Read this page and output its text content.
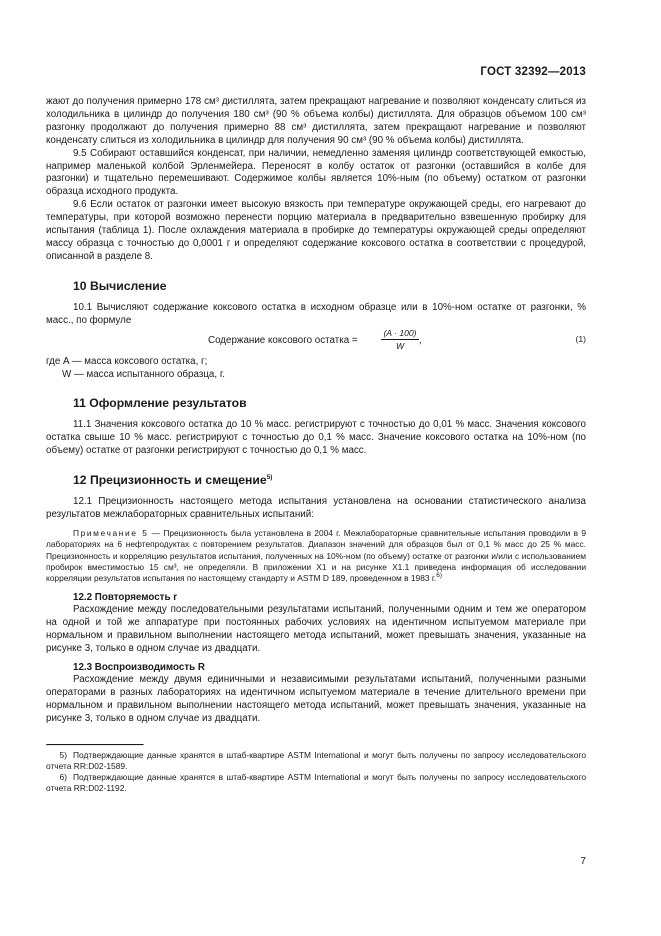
ГОСТ 32392—2013

жают до получения примерно 178 см³ дистиллята, затем прекращают нагревание и позволяют конденсату слиться из холодильника в цилиндр до получения 180 см³ (90 % объема колбы) дистиллята. Для образцов объемом 100 см³ разгонку продолжают до получения примерно 88 см³ дистиллята, затем прекращают нагревание и позволяют конденсату слиться из холодильника в цилиндр для получения 90 см³ (90 % объема колбы) дистиллята.

9.5 Собирают оставшийся конденсат, при наличии, немедленно заменяя цилиндр соответствующей емкостью, например маленькой колбой Эрленмейера. Переносят в колбу остаток от разгонки (оставшийся в колбе для разгонки) и тщательно перемешивают. Содержимое колбы является 10%-ным (по объему) остатком от разгонки образца исходного продукта.

9.6 Если остаток от разгонки имеет высокую вязкость при температуре окружающей среды, его нагревают до температуры, при которой возможно перенести порцию материала в предварительно взвешенную пробирку для испытания (таблица 1). После охлаждения материала в пробирке до температуры окружающей среды определяют массу образца с точностью до 0,0001 г и определяют содержание коксового остатка в соответствии с процедурой, описанной в разделе 8.

10 Вычисление

10.1 Вычисляют содержание коксового остатка в исходном образце или в 10%-ном остатке от разгонки, % масс., по формуле

Содержание коксового остатка =	$\frac{(A \cdot 100)}{W}$ ,	(1)
где A — масса коксового остатка, г;
W — масса испытанного образца, г.
11 Оформление результатов

11.1 Значения коксового остатка до 10 % масс. регистрируют с точностью до 0,01 % масс. Значения коксового остатка свыше 10 % масс. регистрируют с точностью до 0,1 % масс. Значение коксового остатка на 10%-ном (по объему) остатке от разгонки регистрируют с точностью до 0,1 % масс.

12 Прецизионность и смещение$^{5)}$

12.1 Прецизионность настоящего метода испытания установлена на основании статистического анализа результатов межлабораторных сравнительных испытаний:

Примечание 5 — Прецизионность была установлена в 2004 г. Межлабораторные сравнительные испытания проводили в 9 лабораториях на 6 нефтепродуктах с повторением результатов. Диапазон значений для образцов был от 0,1 % масс до 25 % масс. Прецизионность и корреляцию результатов испытания, полученных на 10%-ном (по объему) остатке от разгонки и/или с использованием пробирок вместимостью 15 см³, не определяли. В приложении X1 и на рисунке X1.1 приведена информация об исследовании корреляции результатов испытания по настоящему стандарту и ASTM D 189, проведенном в 1983 г.$^{6)}$

12.2 Повторяемость r

Расхождение между последовательными результатами испытаний, полученными одним и тем же оператором на одной и той же аппаратуре при постоянных рабочих условиях на идентичном испытуемом материале при нормальном и правильном выполнении настоящего метода испытаний, может превышать значения, указанные на рисунке 3, только в одном случае из двадцати.

12.3 Воспроизводимость R

Расхождение между двумя единичными и независимыми результатами испытаний, полученными разными операторами в разных лабораториях на идентичном испытуемом материале в течение длительного времени при нормальном и правильном выполнении настоящего метода испытаний, может превышать значения, указанные на рисунке 3, только в одном случае из двадцати.

5) Подтверждающие данные хранятся в штаб-квартире ASTM International и могут быть получены по запросу исследовательского отчета RR:D02-1589.

6) Подтверждающие данные хранятся в штаб-квартире ASTM International и могут быть получены по запросу исследовательского отчета RR:D02-1192.

7
